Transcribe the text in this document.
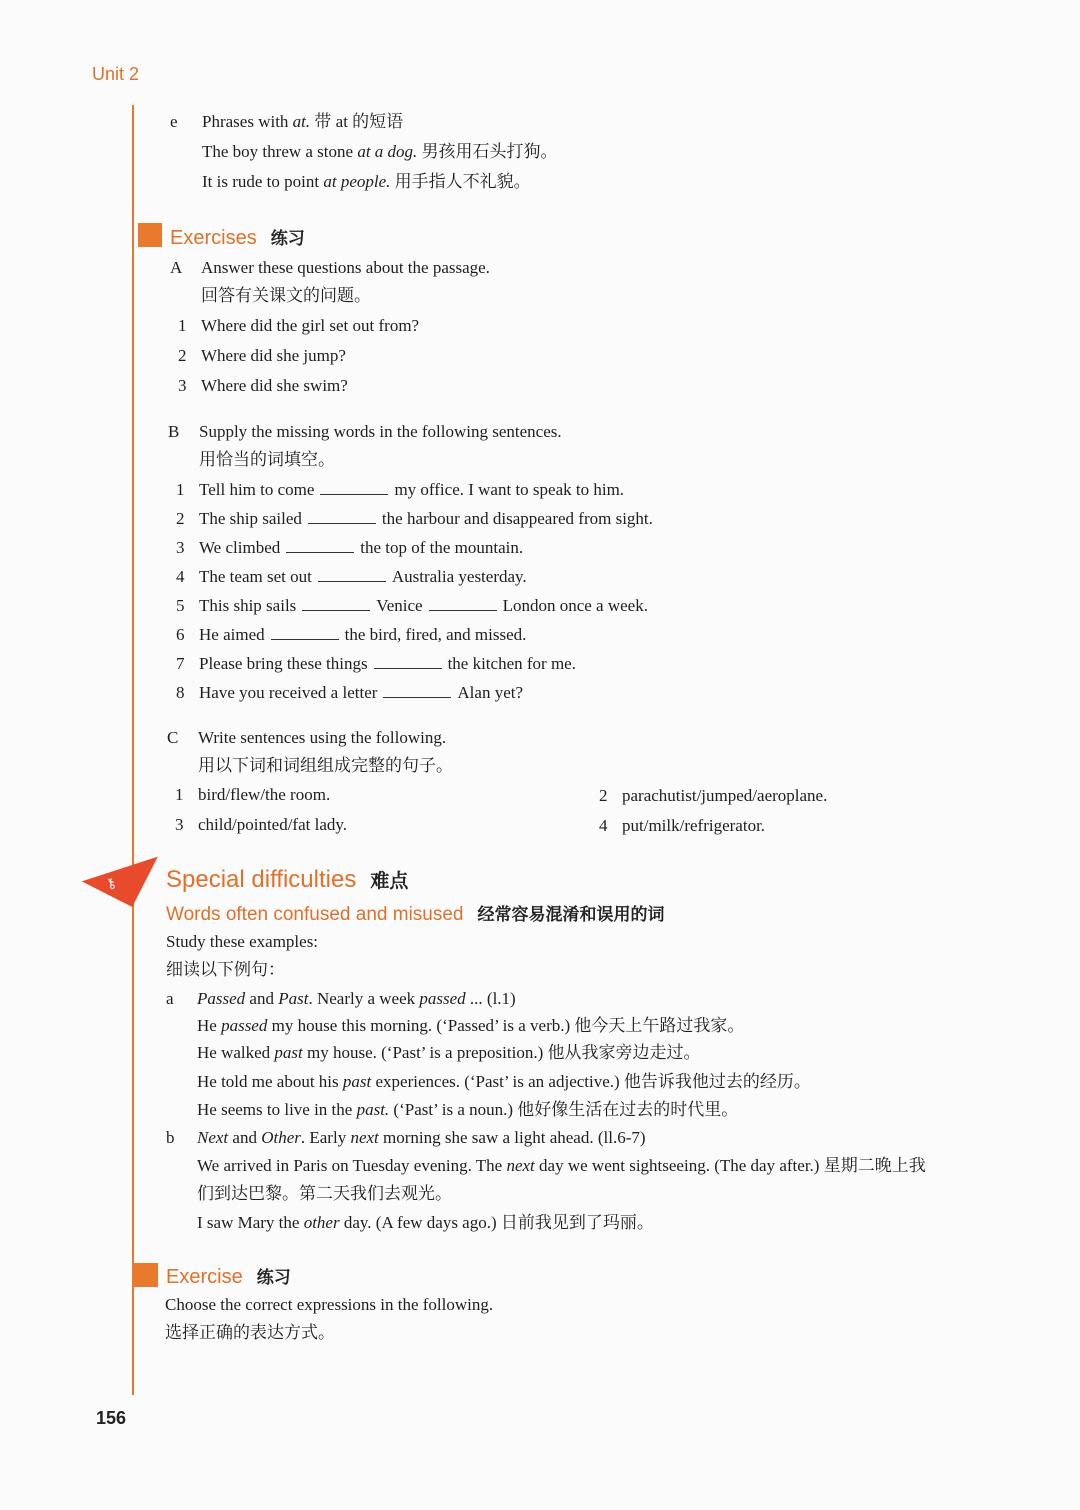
Unit 2
156
e Phrases with at. 带 at 的短语
The boy threw a stone at a dog. 男孩用石头打狗。
It is rude to point at people. 用手指人不礼貌。
Exercises 练习
A Answer these questions about the passage.
回答有关课文的问题。
1 Where did the girl set out from?
2 Where did she jump?
3 Where did she swim?
B Supply the missing words in the following sentences.
用恰当的词填空。
1 Tell him to come	my office. I want to speak to him.
2 The ship sailed	the harbour and disappeared from sight.
3 We climbed	the top of the mountain.
4 The team set out	Australia yesterday.
5 This ship sails	Venice	London once a week.
6 He aimed	the bird, fired, and missed.
7 Please bring these things	the kitchen for me.
8 Have you received a letter	Alan yet?
C Write sentences using the following.
用以下词和词组组成完整的句子。
1 bird/flew/the room.	2 parachutist/jumped/aeroplane.
3 child/pointed/fat lady.	4 put/milk/refrigerator.
⚷ Special difficulties 难点
Words often confused and misused 经常容易混淆和误用的词
Study these examples:
细读以下例句：
a Passed and Past. Nearly a week passed ... (l.1)
He passed my house this morning. (‘Passed’ is a verb.) 他今天上午路过我家。
He walked past my house. (‘Past’ is a preposition.) 他从我家旁边走过。
He told me about his past experiences. (‘Past’ is an adjective.) 他告诉我他过去的经历。
He seems to live in the past. (‘Past’ is a noun.) 他好像生活在过去的时代里。
b Next and Other. Early next morning she saw a light ahead. (ll.6-7)
We arrived in Paris on Tuesday evening. The next day we went sightseeing. (The day after.) 星期二晚上我
们到达巴黎。第二天我们去观光。
I saw Mary the other day. (A few days ago.) 日前我见到了玛丽。
Exercise 练习
Choose the correct expressions in the following.
选择正确的表达方式。
